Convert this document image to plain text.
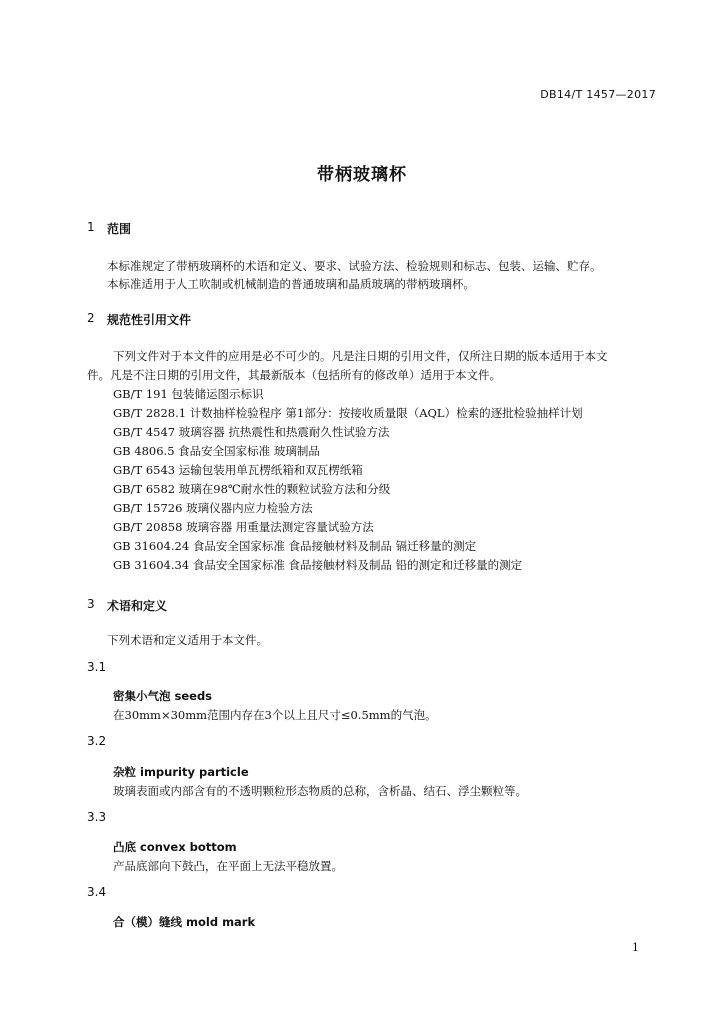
DB14/T 1457—2017
带柄玻璃杯
1 范围
本标准规定了带柄玻璃杯的术语和定义、要求、试验方法、检验规则和标志、包装、运输、贮存。
本标准适用于人工吹制或机械制造的普通玻璃和晶质玻璃的带柄玻璃杯。
2 规范性引用文件
下列文件对于本文件的应用是必不可少的。凡是注日期的引用文件，仅所注日期的版本适用于本文
件。凡是不注日期的引用文件，其最新版本（包括所有的修改单）适用于本文件。
GB/T 191 包装储运图示标识
GB/T 2828.1 计数抽样检验程序 第1部分：按接收质量限（AQL）检索的逐批检验抽样计划
GB/T 4547 玻璃容器 抗热震性和热震耐久性试验方法
GB 4806.5 食品安全国家标准 玻璃制品
GB/T 6543 运输包装用单瓦楞纸箱和双瓦楞纸箱
GB/T 6582 玻璃在98℃耐水性的颗粒试验方法和分级
GB/T 15726 玻璃仪器内应力检验方法
GB/T 20858 玻璃容器 用重量法测定容量试验方法
GB 31604.24 食品安全国家标准 食品接触材料及制品 镉迁移量的测定
GB 31604.34 食品安全国家标准 食品接触材料及制品 铅的测定和迁移量的测定
3 术语和定义
下列术语和定义适用于本文件。
3.1
密集小气泡 seeds
在30mm×30mm范围内存在3个以上且尺寸≤0.5mm的气泡。
3.2
杂粒 impurity particle
玻璃表面或内部含有的不透明颗粒形态物质的总称，含析晶、结石、浮尘颗粒等。
3.3
凸底 convex bottom
产品底部向下鼓凸，在平面上无法平稳放置。
3.4
合（模）缝线 mold mark
1
